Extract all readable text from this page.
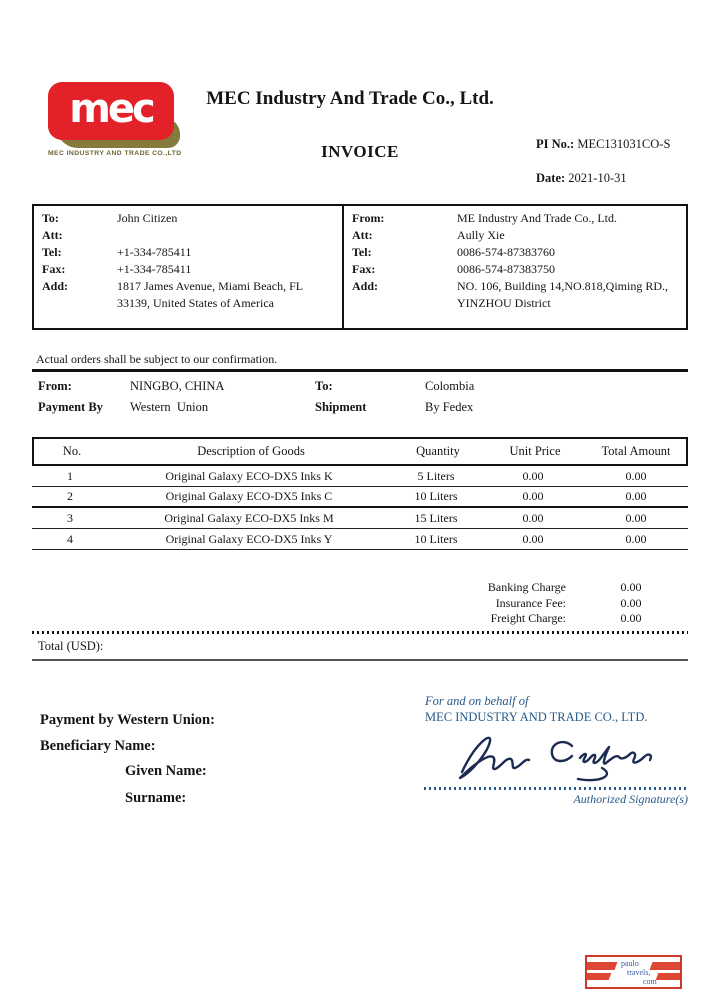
mec
MEC INDUSTRY AND TRADE CO.,LTD
MEC Industry And Trade Co., Ltd.
INVOICE	PI No.: MEC131031CO-S
Date: 2021-10-31
To:	John Citizen
Att:
Tel:	+1-334-785411
Fax:	+1-334-785411
Add:	1817 James Avenue, Miami Beach, FL 33139, United States of America
From:	ME Industry And Trade Co., Ltd.
Att:	Aully Xie
Tel:	0086-574-87383760
Fax:	0086-574-87383750
Add:	NO. 106, Building 14,NO.818,Qiming RD., YINZHOU District
Actual orders shall be subject to our confirmation.
From:	NINGBO, CHINA	To:	Colombia
Payment By Western  Union	Shipment	By Fedex
No.	Description of Goods	Quantity	Unit Price	Total Amount
1	Original Galaxy ECO-DX5 Inks K	5 Liters	0.00	0.00
2	Original Galaxy ECO-DX5 Inks C	10 Liters	0.00	0.00
3	Original Galaxy ECO-DX5 Inks M	15 Liters	0.00	0.00
4	Original Galaxy ECO-DX5 Inks Y	10 Liters	0.00	0.00
Banking Charge	0.00
Insurance Fee:	0.00
Freight Charge:	0.00
Total (USD):
Payment by Western Union:
Beneficiary Name:
Given Name:
Surname:
For and on behalf of
MEC INDUSTRY AND TRADE CO., LTD.
Authorized Signature(s)
paulo
travels,
com
